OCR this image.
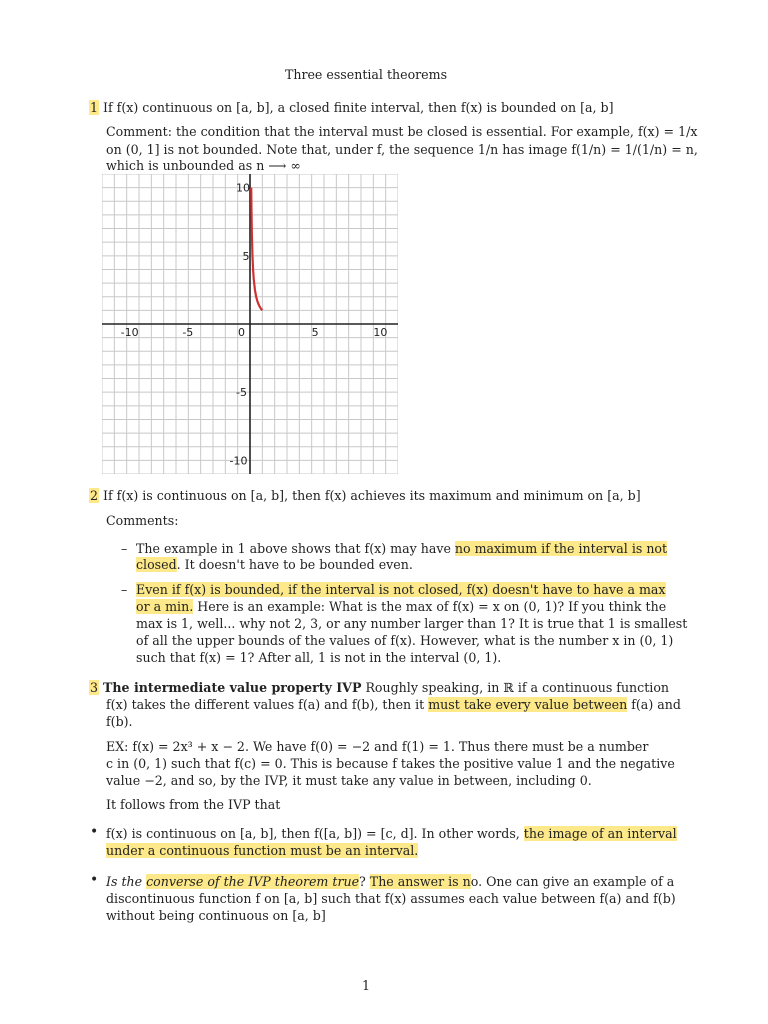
Three essential theorems
1 If f(x) continuous on [a, b], a closed finite interval, then f(x) is bounded on [a, b]
Comment: the condition that the interval must be closed is essential. For example, f(x) = 1/x
on (0, 1] is not bounded. Note that, under f, the sequence 1/n has image f(1/n) = 1/(1/n) = n,
which is unbounded as n ⟶ ∞
-10	-5	0	5	10
10
5
-5
-10
2 If f(x) is continuous on [a, b], then f(x) achieves its maximum and minimum on [a, b]
Comments:
– The example in 1 above shows that f(x) may have no maximum if the interval is not
closed. It doesn't have to be bounded even.
– Even if f(x) is bounded, if the interval is not closed, f(x) doesn't have to have a max
or a min. Here is an example: What is the max of f(x) = x on (0, 1)? If you think the
max is 1, well... why not 2, 3, or any number larger than 1? It is true that 1 is smallest
of all the upper bounds of the values of f(x). However, what is the number x in (0, 1)
such that f(x) = 1? After all, 1 is not in the interval (0, 1).
3 The intermediate value property IVP Roughly speaking, in ℝ if a continuous function
f(x) takes the different values f(a) and f(b), then it must take every value between f(a) and
f(b).
EX: f(x) = 2x³ + x − 2. We have f(0) = −2 and f(1) = 1. Thus there must be a number
c in (0, 1) such that f(c) = 0. This is because f takes the positive value 1 and the negative
value −2, and so, by the IVP, it must take any value in between, including 0.
It follows from the IVP that
• f(x) is continuous on [a, b], then f([a, b]) = [c, d]. In other words, the image of an interval
under a continuous function must be an interval.
• Is the converse of the IVP theorem true? The answer is no. One can give an example of a
discontinuous function f on [a, b] such that f(x) assumes each value between f(a) and f(b)
without being continuous on [a, b]
1
